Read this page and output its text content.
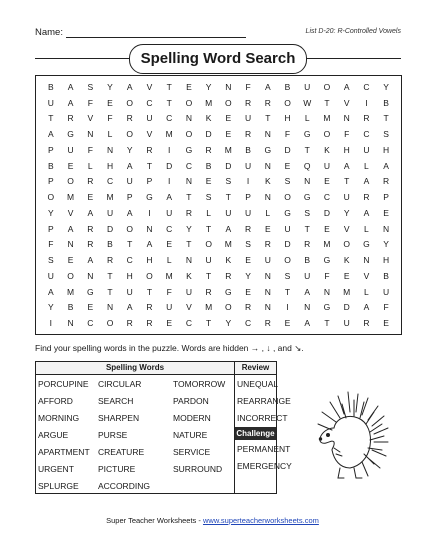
Name:	List D-20: R-Controlled Vowels
Spelling Word Search
B	A	S	Y	A	V	T	E	Y	N	F	A	B	U	O	A	C	Y
U	A	F	E	O	C	T	O	M	O	R	R	O	W	T	V	I	B
T	R	V	F	R	U	C	N	K	E	U	T	H	L	M	N	R	T
A	G	N	L	O	V	M	O	D	E	R	N	F	G	O	F	C	S
P	U	F	N	Y	R	I	G	R	M	B	G	D	T	K	H	U	H
B	E	L	H	A	T	D	C	B	D	U	N	E	Q	U	A	L	A
P	O	R	C	U	P	I	N	E	S	I	K	S	N	E	T	A	R
O	M	E	M	P	G	A	T	S	T	P	N	O	G	C	U	R	P
Y	V	A	U	A	I	U	R	L	U	U	L	G	S	D	Y	A	E
P	A	R	D	O	N	C	Y	T	A	R	E	U	T	E	V	L	N
F	N	R	B	T	A	E	T	O	M	S	R	D	R	M	O	G	Y
S	E	A	R	C	H	L	N	U	K	E	U	O	B	G	K	N	H
U	O	N	T	H	O	M	K	T	R	Y	N	S	U	F	E	V	B
A	M	G	T	U	T	F	U	R	G	E	N	T	A	N	M	L	U
Y	B	E	N	A	R	U	V	M	O	R	N	I	N	G	D	A	F
I	N	C	O	R	R	E	C	T	Y	C	R	E	A	T	U	R	E
Find your spelling words in the puzzle. Words are hidden → , ↓ , and ↘.
Spelling Words	Review
PORCUPINE
AFFORD
MORNING
ARGUE
APARTMENT
URGENT
SPLURGE
CIRCULAR
SEARCH
SHARPEN
PURSE
CREATURE
PICTURE
ACCORDING
TOMORROW
PARDON
MODERN
NATURE
SERVICE
SURROUND
UNEQUAL
REARRANGE
INCORRECT
Challenge
PERMANENT
EMERGENCY
Super Teacher Worksheets - www.superteacherworksheets.com
